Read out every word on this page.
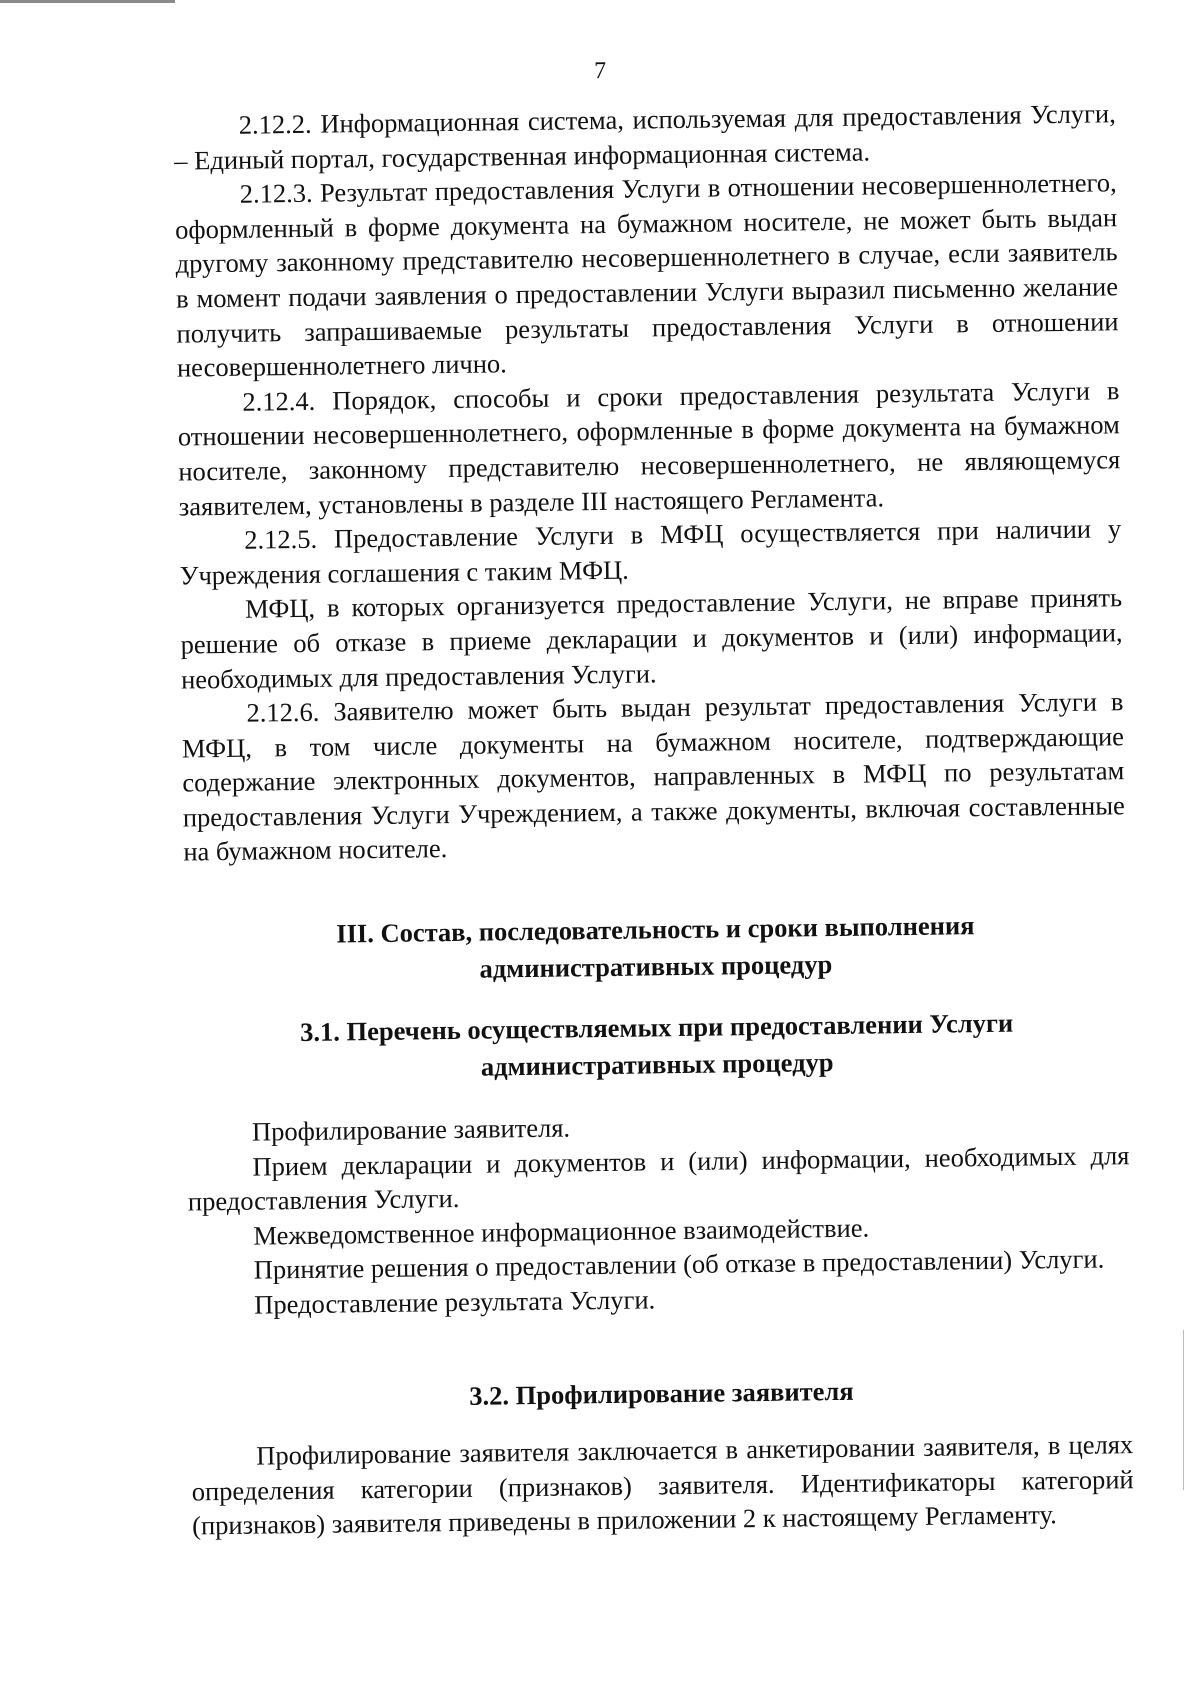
7

2.12.2. Информационная система, используемая для предоставления Услуги, – Единый портал, государственная информационная система.

2.12.3. Результат предоставления Услуги в отношении несовершеннолетнего, оформленный в форме документа на бумажном носителе, не может быть выдан другому законному представителю несовершеннолетнего в случае, если заявитель в момент подачи заявления о предоставлении Услуги выразил письменно желание получить запрашиваемые результаты предоставления Услуги в отношении несовершеннолетнего лично.

2.12.4. Порядок, способы и сроки предоставления результата Услуги в отношении несовершеннолетнего, оформленные в форме документа на бумажном носителе, законному представителю несовершеннолетнего, не являющемуся заявителем, установлены в разделе III настоящего Регламента.

2.12.5. Предоставление Услуги в МФЦ осуществляется при наличии у Учреждения соглашения с таким МФЦ.

МФЦ, в которых организуется предоставление Услуги, не вправе принять решение об отказе в приеме декларации и документов и (или) информации, необходимых для предоставления Услуги.

2.12.6. Заявителю может быть выдан результат предоставления Услуги в МФЦ, в том числе документы на бумажном носителе, подтверждающие содержание электронных документов, направленных в МФЦ по результатам предоставления Услуги Учреждением, а также документы, включая составленные на бумажном носителе.

III. Состав, последовательность и сроки выполнения
административных процедур
3.1. Перечень осуществляемых при предоставлении Услуги
административных процедур

Профилирование заявителя.

Прием декларации и документов и (или) информации, необходимых для предоставления Услуги.

Межведомственное информационное взаимодействие.

Принятие решения о предоставлении (об отказе в предоставлении) Услуги.

Предоставление результата Услуги.

3.2. Профилирование заявителя

Профилирование заявителя заключается в анкетировании заявителя, в целях определения категории (признаков) заявителя. Идентификаторы категорий (признаков) заявителя приведены в приложении 2 к настоящему Регламенту.
